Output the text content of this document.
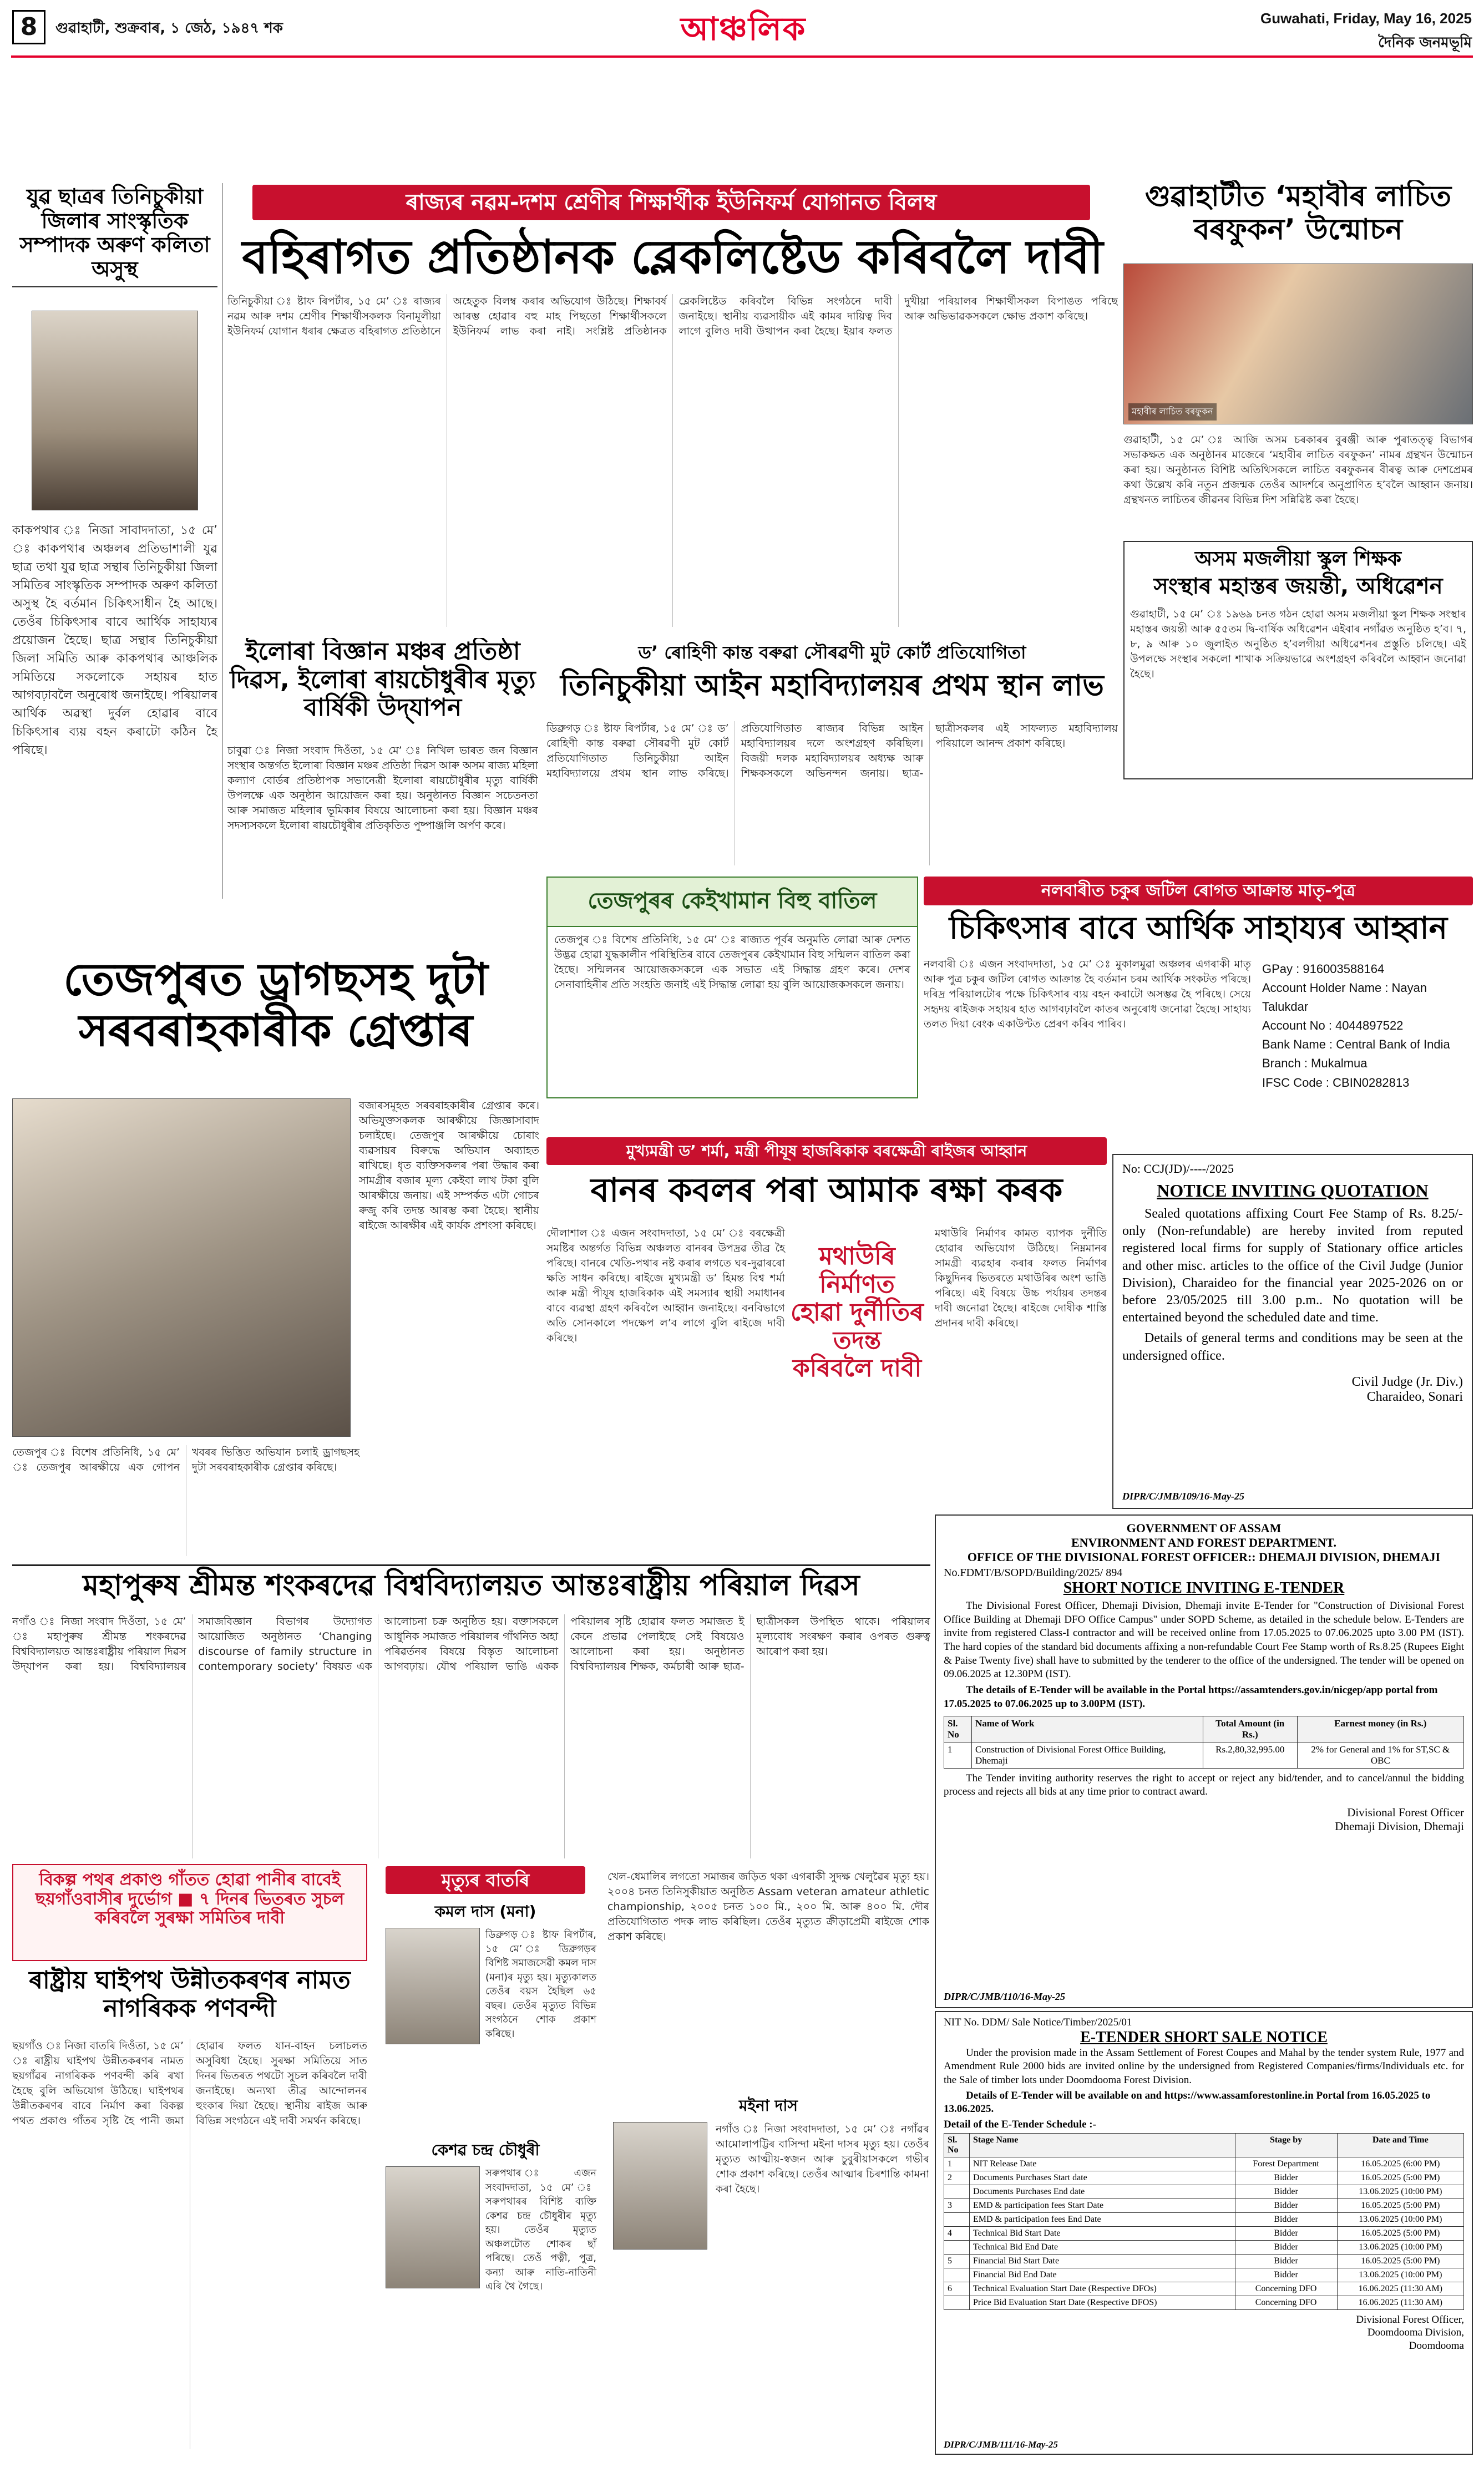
8	গুৱাহাটী, শুক্ৰবাৰ, ১ জেঠ, ১৯৪৭ শক	আঞ্চলিক	Guwahati, Friday, May 16, 2025
দৈনিক জনমভূমি
যুৱ ছাত্ৰৰ তিনিচুকীয়া জিলাৰ সাংস্কৃতিক সম্পাদক অৰুণ কলিতা অসুস্থ
কাকপথাৰ ঃ নিজা সাবাদদাতা, ১৫ মে’ ঃ কাকপথাৰ অঞ্চলৰ প্ৰতিভাশালী যুৱ ছাত্ৰ তথা যুৱ ছাত্ৰ সন্থাৰ তিনিচুকীয়া জিলা সমিতিৰ সাংস্কৃতিক সম্পাদক অৰুণ কলিতা অসুস্থ হৈ বৰ্তমান চিকিৎসাধীন হৈ আছে। তেওঁৰ চিকিৎসাৰ বাবে আৰ্থিক সাহায্যৰ প্ৰয়োজন হৈছে। ছাত্ৰ সন্থাৰ তিনিচুকীয়া জিলা সমিতি আৰু কাকপথাৰ আঞ্চলিক সমিতিয়ে সকলোকে সহায়ৰ হাত আগবঢ়াবলৈ অনুৰোধ জনাইছে। পৰিয়ালৰ আৰ্থিক অৱস্থা দুৰ্বল হোৱাৰ বাবে চিকিৎসাৰ ব্যয় বহন কৰাটো কঠিন হৈ পৰিছে।
ৰাজ্যৰ নৱম-দশম শ্ৰেণীৰ শিক্ষাৰ্থীক ইউনিফৰ্ম যোগানত বিলম্ব
বহিৰাগত প্ৰতিষ্ঠানক ব্লেকলিষ্টেড কৰিবলৈ দাবী
তিনিচুকীয়া ঃ ষ্টাফ ৰিপৰ্টাৰ, ১৫ মে’ ঃ ৰাজ্যৰ নৱম আৰু দশম শ্ৰেণীৰ শিক্ষাৰ্থীসকলক বিনামূলীয়া ইউনিফৰ্ম যোগান ধৰাৰ ক্ষেত্ৰত বহিৰাগত প্ৰতিষ্ঠানে অহেতুক বিলম্ব কৰাৰ অভিযোগ উঠিছে। শিক্ষাবৰ্ষ আৰম্ভ হোৱাৰ বহু মাহ পিছতো শিক্ষাৰ্থীসকলে ইউনিফৰ্ম লাভ কৰা নাই। সংশ্লিষ্ট প্ৰতিষ্ঠানক ব্লেকলিষ্টেড কৰিবলৈ বিভিন্ন সংগঠনে দাবী জনাইছে। স্থানীয় ব্যৱসায়ীক এই কামৰ দায়িত্ব দিব লাগে বুলিও দাবী উত্থাপন কৰা হৈছে। ইয়াৰ ফলত দুখীয়া পৰিয়ালৰ শিক্ষাৰ্থীসকল বিপাঙত পৰিছে আৰু অভিভাৱকসকলে ক্ষোভ প্ৰকাশ কৰিছে।
গুৱাহাটীত ‘মহাবীৰ লাচিত বৰফুকন’ উন্মোচন
মহাবীৰ লাচিত বৰফুকন
গুৱাহাটী, ১৫ মে’ ঃ আজি অসম চৰকাৰৰ বুৰঞ্জী আৰু পুৰাতত্ত্ব বিভাগৰ সভাকক্ষত এক অনুষ্ঠানৰ মাজেৰে ‘মহাবীৰ লাচিত বৰফুকন’ নামৰ গ্ৰন্থখন উন্মোচন কৰা হয়। অনুষ্ঠানত বিশিষ্ট অতিথিসকলে লাচিত বৰফুকনৰ বীৰত্ব আৰু দেশপ্ৰেমৰ কথা উল্লেখ কৰি নতুন প্ৰজন্মক তেওঁৰ আদৰ্শৰে অনুপ্ৰাণিত হ’বলৈ আহ্বান জনায়। গ্ৰন্থখনত লাচিতৰ জীৱনৰ বিভিন্ন দিশ সন্নিৱিষ্ট কৰা হৈছে।
অসম মজলীয়া স্কুল শিক্ষক
সংস্থাৰ মহাস্তৰ জয়ন্তী, অধিৱেশন
গুৱাহাটী, ১৫ মে’ ঃ ১৯৬৯ চনত গঠন হোৱা অসম মজলীয়া স্কুল শিক্ষক সংস্থাৰ মহাস্তৰ জয়ন্তী আৰু ৫৫তম দ্বি-বাৰ্ষিক অধিৱেশন এইবাৰ নগাঁৱত অনুষ্ঠিত হ’ব। ৭, ৮, ৯ আৰু ১০ জুলাইত অনুষ্ঠিত হ’বলগীয়া অধিৱেশনৰ প্ৰস্তুতি চলিছে। এই উপলক্ষে সংস্থাৰ সকলো শাখাক সক্ৰিয়ভাৱে অংশগ্ৰহণ কৰিবলৈ আহ্বান জনোৱা হৈছে।
ইলোৰা বিজ্ঞান মঞ্চৰ প্ৰতিষ্ঠা দিৱস, ইলোৰা ৰায়চৌধুৰীৰ মৃত্যু বাৰ্ষিকী উদ্‌যাপন
চাবুৱা ঃ নিজা সংবাদ দিওঁতা, ১৫ মে’ ঃ নিখিল ভাৰত জন বিজ্ঞান সংস্থাৰ অন্তৰ্গত ইলোৰা বিজ্ঞান মঞ্চৰ প্ৰতিষ্ঠা দিৱস আৰু অসম ৰাজ্য মহিলা কল্যাণ বোৰ্ডৰ প্ৰতিষ্ঠাপক সভানেত্ৰী ইলোৰা ৰায়চৌধুৰীৰ মৃত্যু বাৰ্ষিকী উপলক্ষে এক অনুষ্ঠান আয়োজন কৰা হয়। অনুষ্ঠানত বিজ্ঞান সচেতনতা আৰু সমাজত মহিলাৰ ভূমিকাৰ বিষয়ে আলোচনা কৰা হয়। বিজ্ঞান মঞ্চৰ সদস্যসকলে ইলোৰা ৰায়চৌধুৰীৰ প্ৰতিকৃতিত পুষ্পাঞ্জলি অৰ্পণ কৰে।
ড’ ৰোহিণী কান্ত বৰুৱা সৌৰৱণী মুট কোৰ্ট প্ৰতিযোগিতা
তিনিচুকীয়া আইন মহাবিদ্যালয়ৰ প্ৰথম স্থান লাভ
ডিব্ৰুগড় ঃ ষ্টাফ ৰিপৰ্টাৰ, ১৫ মে’ ঃ ড’ ৰোহিণী কান্ত বৰুৱা সৌৰৱণী মুট কোৰ্ট প্ৰতিযোগিতাত তিনিচুকীয়া আইন মহাবিদ্যালয়ে প্ৰথম স্থান লাভ কৰিছে। প্ৰতিযোগিতাত ৰাজ্যৰ বিভিন্ন আইন মহাবিদ্যালয়ৰ দলে অংশগ্ৰহণ কৰিছিল। বিজয়ী দলক মহাবিদ্যালয়ৰ অধ্যক্ষ আৰু শিক্ষকসকলে অভিনন্দন জনায়। ছাত্ৰ-ছাত্ৰীসকলৰ এই সাফল্যত মহাবিদ্যালয় পৰিয়ালে আনন্দ প্ৰকাশ কৰিছে।
তেজপুৰৰ কেইখামান বিহু বাতিল
তেজপুৰ ঃ বিশেষ প্ৰতিনিধি, ১৫ মে’ ঃ ৰাজ্যত পূৰ্বৰ অনুমতি লোৱা আৰু দেশত উদ্ভৱ হোৱা যুদ্ধকালীন পৰিস্থিতিৰ বাবে তেজপুৰৰ কেইখামান বিহু সন্মিলন বাতিল কৰা হৈছে। সন্মিলনৰ আয়োজকসকলে এক সভাত এই সিদ্ধান্ত গ্ৰহণ কৰে। দেশৰ সেনাবাহিনীৰ প্ৰতি সংহতি জনাই এই সিদ্ধান্ত লোৱা হয় বুলি আয়োজকসকলে জনায়।
নলবাৰীত চকুৰ জটিল ৰোগত আক্ৰান্ত মাতৃ-পুত্ৰ
চিকিৎসাৰ বাবে আৰ্থিক সাহায্যৰ আহ্বান
নলবাৰী ঃ এজন সংবাদদাতা, ১৫ মে’ ঃ মুকালমুৱা অঞ্চলৰ এগৰাকী মাতৃ আৰু পুত্ৰ চকুৰ জটিল ৰোগত আক্ৰান্ত হৈ বৰ্তমান চৰম আৰ্থিক সংকটত পৰিছে। দৰিদ্ৰ পৰিয়ালটোৰ পক্ষে চিকিৎসাৰ ব্যয় বহন কৰাটো অসম্ভৱ হৈ পৰিছে। সেয়ে সহৃদয় ৰাইজক সহায়ৰ হাত আগবঢ়াবলৈ কাতৰ অনুৰোধ জনোৱা হৈছে। সাহায্য তলত দিয়া বেংক একাউণ্টত প্ৰেৰণ কৰিব পাৰিব।
GPay : 916003588164
Account Holder Name : Nayan Talukdar
Account No : 4044897522
Bank Name : Central Bank of India
Branch : Mukalmua
IFSC Code : CBIN0282813
তেজপুৰত ড্ৰাগছসহ দুটা সৰবৰাহকাৰীক গ্ৰেপ্তাৰ
বজাৰসমূহত সৰবৰাহকাৰীৰ গ্ৰেপ্তাৰ কৰে। অভিযুক্তসকলক আৰক্ষীয়ে জিজ্ঞাসাবাদ চলাইছে। তেজপুৰ আৰক্ষীয়ে চোৰাং ব্যৱসায়ৰ বিৰুদ্ধে অভিযান অব্যাহত ৰাখিছে। ধৃত ব্যক্তিসকলৰ পৰা উদ্ধাৰ কৰা সামগ্ৰীৰ বজাৰ মূল্য কেইবা লাখ টকা বুলি আৰক্ষীয়ে জনায়। এই সম্পৰ্কত এটা গোচৰ ৰুজু কৰি তদন্ত আৰম্ভ কৰা হৈছে। স্থানীয় ৰাইজে আৰক্ষীৰ এই কাৰ্যক প্ৰশংসা কৰিছে।
তেজপুৰ ঃ বিশেষ প্ৰতিনিধি, ১৫ মে’ ঃ তেজপুৰ আৰক্ষীয়ে এক গোপন খবৰৰ ভিত্তিত অভিযান চলাই ড্ৰাগছসহ দুটা সৰবৰাহকাৰীক গ্ৰেপ্তাৰ কৰিছে।
মুখ্যমন্ত্ৰী ড’ শৰ্মা, মন্ত্ৰী পীযূষ হাজৰিকাক বৰক্ষেত্ৰী ৰাইজৰ আহ্বান
বানৰ কবলৰ পৰা আমাক ৰক্ষা কৰক
দৌলাশাল ঃ এজন সংবাদদাতা, ১৫ মে’ ঃ বৰক্ষেত্ৰী সমষ্টিৰ অন্তৰ্গত বিভিন্ন অঞ্চলত বানৰৰ উপদ্ৰৱ তীব্ৰ হৈ পৰিছে। বানৰে খেতি-পথাৰ নষ্ট কৰাৰ লগতে ঘৰ-দুৱাৰৰো ক্ষতি সাধন কৰিছে। ৰাইজে মুখ্যমন্ত্ৰী ড’ হিমন্ত বিশ্ব শৰ্মা আৰু মন্ত্ৰী পীযূষ হাজৰিকাক এই সমস্যাৰ স্থায়ী সমাধানৰ বাবে ব্যৱস্থা গ্ৰহণ কৰিবলৈ আহ্বান জনাইছে। বনবিভাগে অতি সোনকালে পদক্ষেপ ল’ব লাগে বুলি ৰাইজে দাবী কৰিছে।
মথাউৰি নিৰ্মাণত হোৱা দুৰ্নীতিৰ তদন্ত কৰিবলৈ দাবী
মথাউৰি নিৰ্মাণৰ কামত ব্যাপক দুৰ্নীতি হোৱাৰ অভিযোগ উঠিছে। নিম্নমানৰ সামগ্ৰী ব্যৱহাৰ কৰাৰ ফলত নিৰ্মাণৰ কিছুদিনৰ ভিতৰতে মথাউৰিৰ অংশ ভাঙি পৰিছে। এই বিষয়ে উচ্চ পৰ্যায়ৰ তদন্তৰ দাবী জনোৱা হৈছে। ৰাইজে দোষীক শাস্তি প্ৰদানৰ দাবী কৰিছে।
No: CCJ(JD)/----/2025
NOTICE INVITING QUOTATION
Sealed quotations affixing Court Fee Stamp of Rs. 8.25/- only (Non-refundable) are hereby invited from reputed registered local firms for supply of Stationary office articles and other misc. articles to the office of the Civil Judge (Junior Division), Charaideo for the financial year 2025-2026 on or before 23/05/2025 till 3.00 p.m.. No quotation will be entertained beyond the scheduled date and time.
Details of general terms and conditions may be seen at the undersigned office.
Civil Judge (Jr. Div.)
Charaideo, Sonari
DIPR/C/JMB/109/16-May-25
মহাপুৰুষ শ্ৰীমন্ত শংকৰদেৱ বিশ্ববিদ্যালয়ত আন্তঃৰাষ্ট্ৰীয় পৰিয়াল দিৱস
নগাঁও ঃ নিজা সংবাদ দিওঁতা, ১৫ মে’ ঃ মহাপুৰুষ শ্ৰীমন্ত শংকৰদেৱ বিশ্ববিদ্যালয়ত আন্তঃৰাষ্ট্ৰীয় পৰিয়াল দিৱস উদ্‌যাপন কৰা হয়। বিশ্ববিদ্যালয়ৰ সমাজবিজ্ঞান বিভাগৰ উদ্যোগত আয়োজিত অনুষ্ঠানত ‘Changing discourse of family structure in contemporary society’ বিষয়ত এক আলোচনা চক্ৰ অনুষ্ঠিত হয়। বক্তাসকলে আধুনিক সমাজত পৰিয়ালৰ গাঁথনিত অহা পৰিৱৰ্তনৰ বিষয়ে বিস্তৃত আলোচনা আগবঢ়ায়। যৌথ পৰিয়াল ভাঙি একক পৰিয়ালৰ সৃষ্টি হোৱাৰ ফলত সমাজত ই কেনে প্ৰভাৱ পেলাইছে সেই বিষয়েও আলোচনা কৰা হয়। অনুষ্ঠানত বিশ্ববিদ্যালয়ৰ শিক্ষক, কৰ্মচাৰী আৰু ছাত্ৰ-ছাত্ৰীসকল উপস্থিত থাকে। পৰিয়ালৰ মূল্যবোধ সংৰক্ষণ কৰাৰ ওপৰত গুৰুত্ব আৰোপ কৰা হয়।
GOVERNMENT OF ASSAM
ENVIRONMENT AND FOREST DEPARTMENT.
OFFICE OF THE DIVISIONAL FOREST OFFICER:: DHEMAJI DIVISION, DHEMAJI
No.FDMT/B/SOPD/Building/2025/ 894
SHORT NOTICE INVITING E-TENDER
The Divisional Forest Officer, Dhemaji Division, Dhemaji invite E-Tender for "Construction of Divisional Forest Office Building at Dhemaji DFO Office Campus" under SOPD Scheme, as detailed in the schedule below. E-Tenders are invite from registered Class-I contractor and will be received online from 17.05.2025 to 07.06.2025 upto 3.00 PM (IST). The hard copies of the standard bid documents affixing a non-refundable Court Fee Stamp worth of Rs.8.25 (Rupees Eight & Paise Twenty five) shall have to submitted by the tenderer to the office of the undersigned. The tender will be opened on 09.06.2025 at 12.30PM (IST).
The details of E-Tender will be available in the Portal https://assamtenders.gov.in/nicgep/app portal from 17.05.2025 to 07.06.2025 up to 3.00PM (IST).
Sl. No	Name of Work	Total Amount (in Rs.)	Earnest money (in Rs.)
1	Construction of Divisional Forest Office Building, Dhemaji	Rs.2,80,32,995.00	2% for General and 1% for ST,SC & OBC
The Tender inviting authority reserves the right to accept or reject any bid/tender, and to cancel/annul the bidding process and rejects all bids at any time prior to contract award.
Divisional Forest Officer
Dhemaji Division, Dhemaji
DIPR/C/JMB/110/16-May-25
বিকল্প পথৰ প্ৰকাণ্ড গাঁতত হোৱা পানীৰ বাবেই ছয়গাঁওবাসীৰ দুৰ্ভোগ ■ ৭ দিনৰ ভিতৰত সুচল কৰিবলৈ সুৰক্ষা সমিতিৰ দাবী
ৰাষ্ট্ৰীয় ঘাইপথ উন্নীতকৰণৰ নামত নাগৰিকক পণবন্দী
ছয়গাঁও ঃ নিজা বাতৰি দিওঁতা, ১৫ মে’ ঃ ৰাষ্ট্ৰীয় ঘাইপথ উন্নীতকৰণৰ নামত ছয়গাঁৱৰ নাগৰিকক পণবন্দী কৰি ৰখা হৈছে বুলি অভিযোগ উঠিছে। ঘাইপথৰ উন্নীতকৰণৰ বাবে নিৰ্মাণ কৰা বিকল্প পথত প্ৰকাণ্ড গাঁতৰ সৃষ্টি হৈ পানী জমা হোৱাৰ ফলত যান-বাহন চলাচলত অসুবিধা হৈছে। সুৰক্ষা সমিতিয়ে সাত দিনৰ ভিতৰত পথটো সুচল কৰিবলৈ দাবী জনাইছে। অন্যথা তীব্ৰ আন্দোলনৰ হুংকাৰ দিয়া হৈছে। স্থানীয় ৰাইজ আৰু বিভিন্ন সংগঠনে এই দাবী সমৰ্থন কৰিছে।
মৃত্যুৰ বাতৰি
কমল দাস (মনা)
ডিব্ৰুগড় ঃ ষ্টাফ ৰিপৰ্টাৰ, ১৫ মে’ ঃ ডিব্ৰুগড়ৰ বিশিষ্ট সমাজসেৱী কমল দাস (মনা)ৰ মৃত্যু হয়। মৃত্যুকালত তেওঁৰ বয়স হৈছিল ৬৫ বছৰ। তেওঁৰ মৃত্যুত বিভিন্ন সংগঠনে শোক প্ৰকাশ কৰিছে।
কেশৱ চন্দ্ৰ চৌধুৰী
সৰুপথাৰ ঃ এজন সংবাদদাতা, ১৫ মে’ ঃ সৰুপথাৰৰ বিশিষ্ট ব্যক্তি কেশৱ চন্দ্ৰ চৌধুৰীৰ মৃত্যু হয়। তেওঁৰ মৃত্যুত অঞ্চলটোত শোকৰ ছাঁ পৰিছে। তেওঁ পত্নী, পুত্ৰ, কন্যা আৰু নাতি-নাতিনী এৰি থৈ গৈছে।
খেল-ধেমালিৰ লগতো সমাজৰ জড়িত থকা এগৰাকী সুদক্ষ খেলুৱৈৰ মৃত্যু হয়। ২০০৪ চনত তিনিসুকীয়াত অনুষ্ঠিত Assam veteran amateur athletic championship, ২০০৫ চনত ১০০ মি., ২০০ মি. আৰু ৪০০ মি. দৌৰ প্ৰতিযোগিতাত পদক লাভ কৰিছিল। তেওঁৰ মৃত্যুত ক্ৰীড়াপ্ৰেমী ৰাইজে শোক প্ৰকাশ কৰিছে।
মইনা দাস
নগাঁও ঃ নিজা সংবাদদাতা, ১৫ মে’ ঃ নগাঁৱৰ আমোলাপট্টিৰ বাসিন্দা মইনা দাসৰ মৃত্যু হয়। তেওঁৰ মৃত্যুত আত্মীয়-স্বজন আৰু চুবুৰীয়াসকলে গভীৰ শোক প্ৰকাশ কৰিছে। তেওঁৰ আত্মাৰ চিৰশান্তি কামনা কৰা হৈছে।
NIT No. DDM/ Sale Notice/Timber/2025/01
E-TENDER SHORT SALE NOTICE
Under the provision made in the Assam Settlement of Forest Coupes and Mahal by the tender system Rule, 1977 and Amendment Rule 2000 bids are invited online by the undersigned from Registered Companies/firms/Individuals etc. for the Sale of timber lots under Doomdooma Forest Division.
Details of E-Tender will be available on and https://www.assamforestonline.in Portal from 16.05.2025 to 13.06.2025.
Detail of the E-Tender Schedule :-
Sl. No	Stage Name	Stage by	Date and Time
1	NIT Release Date	Forest Department	16.05.2025 (6:00 PM)
2	Documents Purchases Start date	Bidder	16.05.2025 (5:00 PM)
	Documents Purchases End date	Bidder	13.06.2025 (10:00 PM)
3	EMD & participation fees Start Date	Bidder	16.05.2025 (5:00 PM)
	EMD & participation fees End Date	Bidder	13.06.2025 (10:00 PM)
4	Technical Bid Start Date	Bidder	16.05.2025 (5:00 PM)
	Technical Bid End Date	Bidder	13.06.2025 (10:00 PM)
5	Financial Bid Start Date	Bidder	16.05.2025 (5:00 PM)
	Financial Bid End Date	Bidder	13.06.2025 (10:00 PM)
6	Technical Evaluation Start Date (Respective DFOs)	Concerning DFO	16.06.2025 (11:30 AM)
	Price Bid Evaluation Start Date (Respective DFOS)	Concerning DFO	16.06.2025 (11:30 AM)
Divisional Forest Officer,
Doomdooma Division,
Doomdooma
DIPR/C/JMB/111/16-May-25
